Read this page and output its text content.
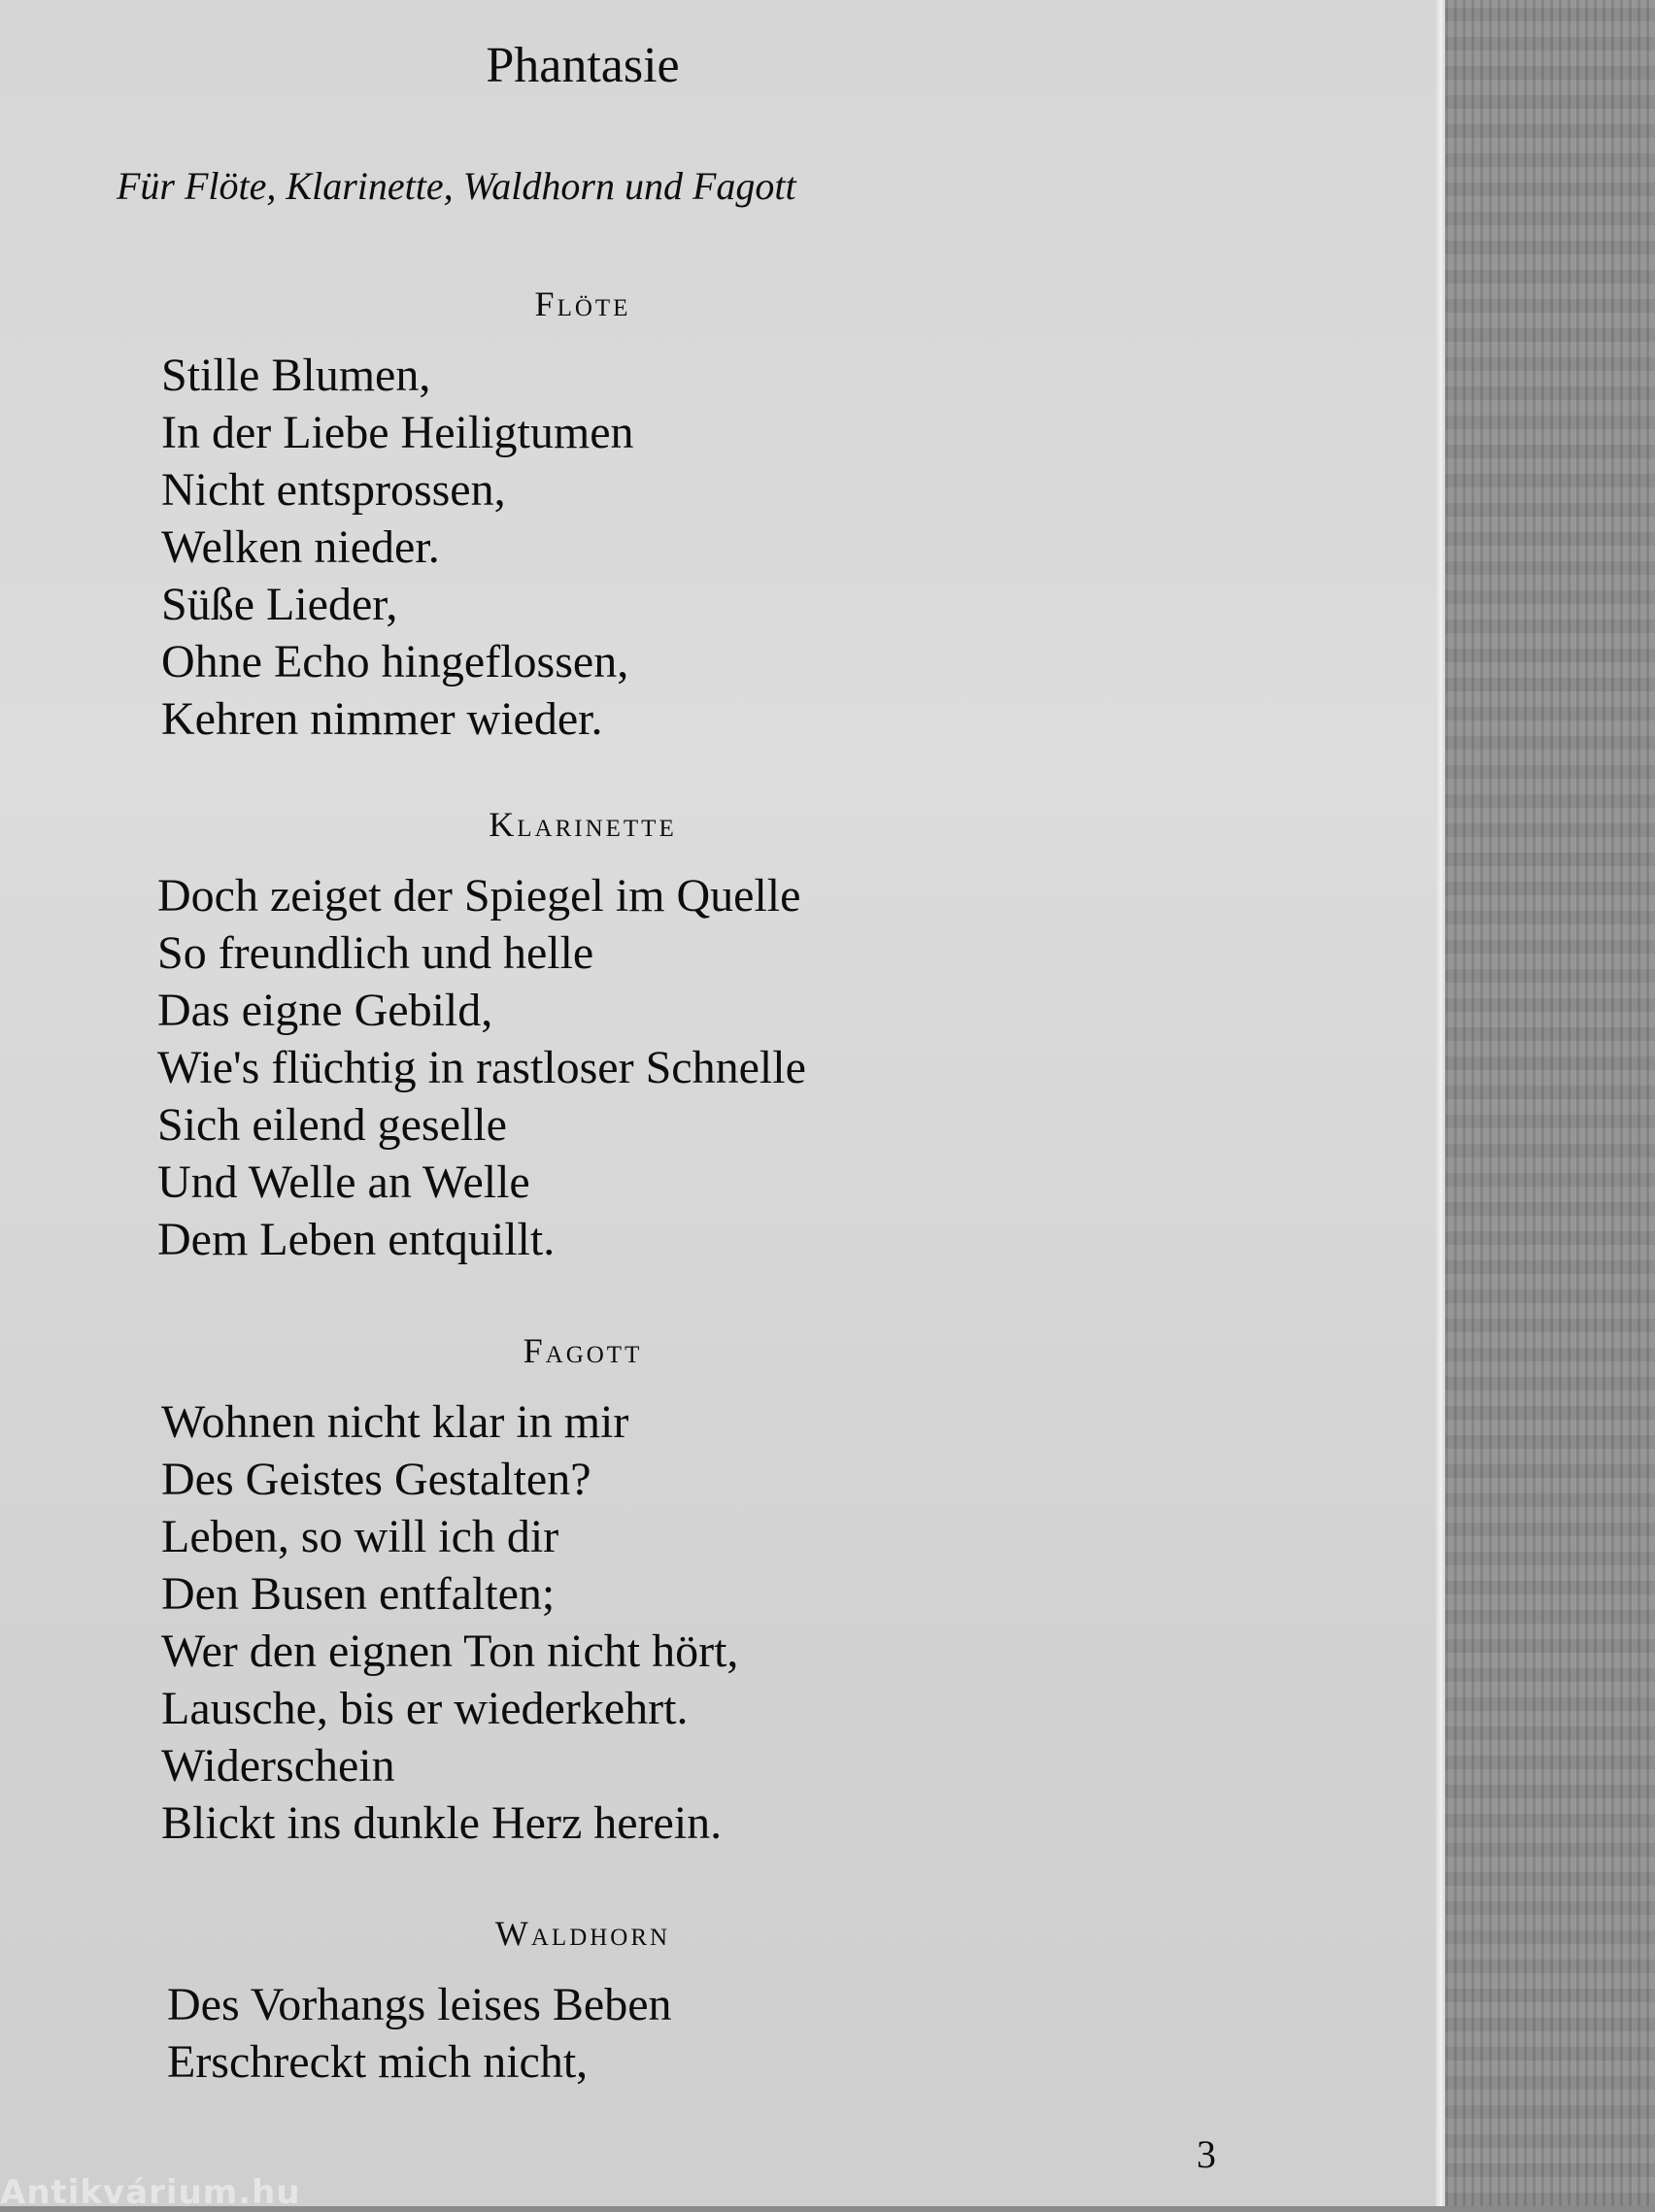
Phantasie
Für Flöte, Klarinette, Waldhorn und Fagott
Flöte
Stille Blumen,
In der Liebe Heiligtumen
Nicht entsprossen,
Welken nieder.
Süße Lieder,
Ohne Echo hingeflossen,
Kehren nimmer wieder.
Klarinette
Doch zeiget der Spiegel im Quelle
So freundlich und helle
Das eigne Gebild,
Wie's flüchtig in rastloser Schnelle
Sich eilend geselle
Und Welle an Welle
Dem Leben entquillt.
Fagott
Wohnen nicht klar in mir
Des Geistes Gestalten?
Leben, so will ich dir
Den Busen entfalten;
Wer den eignen Ton nicht hört,
Lausche, bis er wiederkehrt.
Widerschein
Blickt ins dunkle Herz herein.
Waldhorn
Des Vorhangs leises Beben
Erschreckt mich nicht,
3
Antikvárium.hu
